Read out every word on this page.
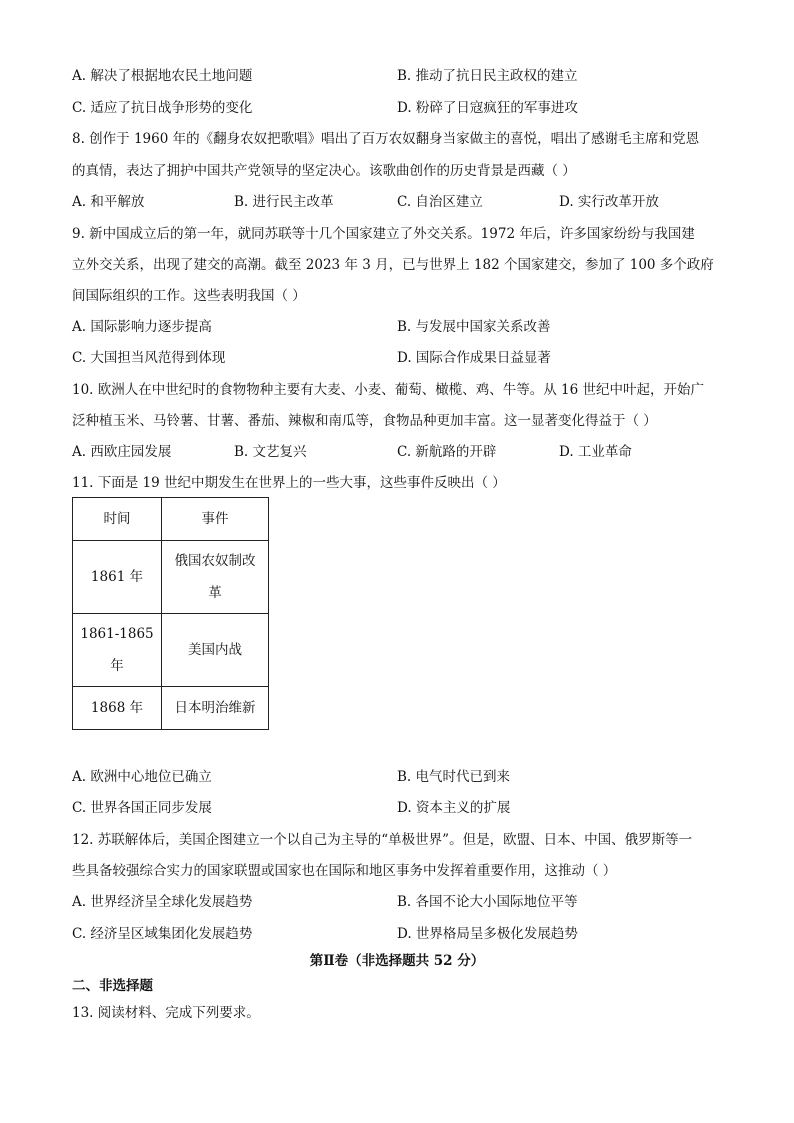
A. 解决了根据地农民土地问题	B. 推动了抗日民主政权的建立
C. 适应了抗日战争形势的变化	D. 粉碎了日寇疯狂的军事进攻
8. 创作于 1960 年的《翻身农奴把歌唱》唱出了百万农奴翻身当家做主的喜悦，唱出了感谢毛主席和党恩
的真情，表达了拥护中国共产党领导的坚定决心。该歌曲创作的历史背景是西藏（ ）
A. 和平解放	B. 进行民主改革	C. 自治区建立	D. 实行改革开放
9. 新中国成立后的第一年，就同苏联等十几个国家建立了外交关系。1972 年后，许多国家纷纷与我国建
立外交关系，出现了建交的高潮。截至 2023 年 3 月，已与世界上 182 个国家建交，参加了 100 多个政府
间国际组织的工作。这些表明我国（ ）
A. 国际影响力逐步提高	B. 与发展中国家关系改善
C. 大国担当风范得到体现	D. 国际合作成果日益显著
10. 欧洲人在中世纪时的食物物种主要有大麦、小麦、葡萄、橄榄、鸡、牛等。从 16 世纪中叶起，开始广
泛种植玉米、马铃薯、甘薯、番茄、辣椒和南瓜等，食物品种更加丰富。这一显著变化得益于（ ）
A. 西欧庄园发展	B. 文艺复兴	C. 新航路的开辟	D. 工业革命
11. 下面是 19 世纪中期发生在世界上的一些大事，这些事件反映出（ ）
时间	事件
1861 年	俄国农奴制改
革

1861-1865
年	美国内战
1868 年	日本明治维新
A. 欧洲中心地位已确立	B. 电气时代已到来
C. 世界各国正同步发展	D. 资本主义的扩展
12. 苏联解体后，美国企图建立一个以自己为主导的“单极世界”。但是，欧盟、日本、中国、俄罗斯等一
些具备较强综合实力的国家联盟或国家也在国际和地区事务中发挥着重要作用，这推动（ ）
A. 世界经济呈全球化发展趋势	B. 各国不论大小国际地位平等
C. 经济呈区域集团化发展趋势	D. 世界格局呈多极化发展趋势
第Ⅱ卷（非选择题共 52 分）
二、非选择题
13. 阅读材料、完成下列要求。
